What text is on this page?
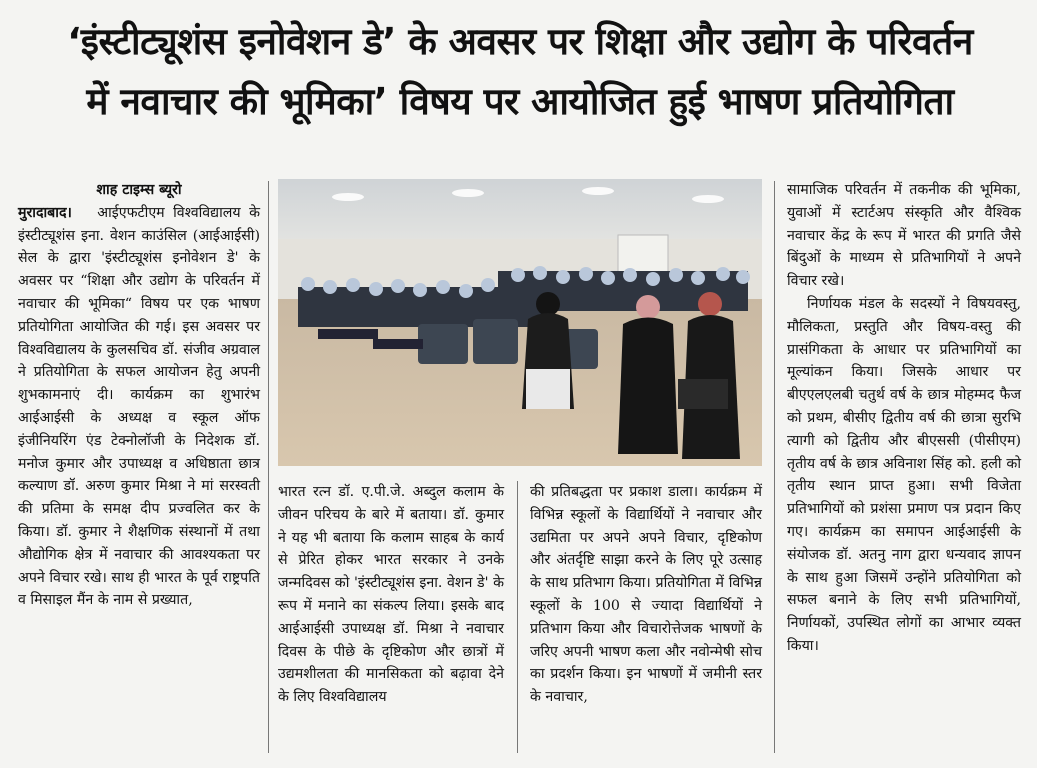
‘इंस्टीट्यूशंस इनोवेशन डे’ के अवसर पर शिक्षा और उद्योग के परिवर्तन
में नवाचार की भूमिका’ विषय पर आयोजित हुई भाषण प्रतियोगिता

शाह टाइम्स ब्यूरो

मुरादाबाद। आईएफटीएम विश्वविद्यालय के इंस्टीट्यूशंस इना. वेशन काउंसिल (आईआईसी) सेल के द्वारा 'इंस्टीट्यूशंस इनोवेशन डे' के अवसर पर “शिक्षा और उद्योग के परिवर्तन में नवाचार की भूमिका“ विषय पर एक भाषण प्रतियोगिता आयोजित की गई। इस अवसर पर विश्वविद्यालय के कुलसचिव डॉ. संजीव अग्रवाल ने प्रतियोगिता के सफल आयोजन हेतु अपनी शुभकामनाएं दी। कार्यक्रम का शुभारंभ आईआईसी के अध्यक्ष व स्कूल ऑफ इंजीनियरिंग एंड टेक्नोलॉजी के निदेशक डॉ. मनोज कुमार और उपाध्यक्ष व अधिष्ठाता छात्र कल्याण डॉ. अरुण कुमार मिश्रा ने मां सरस्वती की प्रतिमा के समक्ष दीप प्रज्वलित कर के किया। डॉ. कुमार ने शैक्षणिक संस्थानों में तथा औद्योगिक क्षेत्र में नवाचार की आवश्यकता पर अपने विचार रखे। साथ ही भारत के पूर्व राष्ट्रपति व मिसाइल मैंन के नाम से प्रख्यात,

भारत रत्न डॉ. ए.पी.जे. अब्दुल कलाम के जीवन परिचय के बारे में बताया। डॉ. कुमार ने यह भी बताया कि कलाम साहब के कार्य से प्रेरित होकर भारत सरकार ने उनके जन्मदिवस को 'इंस्टीट्यूशंस इना. वेशन डे' के रूप में मनाने का संकल्प लिया। इसके बाद आईआईसी उपाध्यक्ष डॉ. मिश्रा ने नवाचार दिवस के पीछे के दृष्टिकोण और छात्रों में उद्यमशीलता की मानसिकता को बढ़ावा देने के लिए विश्वविद्यालय

की प्रतिबद्धता पर प्रकाश डाला। कार्यक्रम में विभिन्न स्कूलों के विद्यार्थियों ने नवाचार और उद्यमिता पर अपने अपने विचार, दृष्टिकोण और अंतर्दृष्टि साझा करने के लिए पूरे उत्साह के साथ प्रतिभाग किया। प्रतियोगिता में विभिन्न स्कूलों के 100 से ज्यादा विद्यार्थियों ने प्रतिभाग किया और विचारोत्तेजक भाषणों के जरिए अपनी भाषण कला और नवोन्मेषी सोच का प्रदर्शन किया। इन भाषणों में जमीनी स्तर के नवाचार,

सामाजिक परिवर्तन में तकनीक की भूमिका, युवाओं में स्टार्टअप संस्कृति और वैश्विक नवाचार केंद्र के रूप में भारत की प्रगति जैसे बिंदुओं के माध्यम से प्रतिभागियों ने अपने विचार रखे।

निर्णायक मंडल के सदस्यों ने विषयवस्तु, मौलिकता, प्रस्तुति और विषय-वस्तु की प्रासंगिकता के आधार पर प्रतिभागियों का मूल्यांकन किया। जिसके आधार पर बीएएलएलबी चतुर्थ वर्ष के छात्र मोहम्मद फैज को प्रथम, बीसीए द्वितीय वर्ष की छात्रा सुरभि त्यागी को द्वितीय और बीएससी (पीसीएम) तृतीय वर्ष के छात्र अविनाश सिंह को. हली को तृतीय स्थान प्राप्त हुआ। सभी विजेता प्रतिभागियों को प्रशंसा प्रमाण पत्र प्रदान किए गए। कार्यक्रम का समापन आईआईसी के संयोजक डॉ. अतनु नाग द्वारा धन्यवाद ज्ञापन के साथ हुआ जिसमें उन्होंने प्रतियोगिता को सफल बनाने के लिए सभी प्रतिभागियों, निर्णायकों, उपस्थित लोगों का आभार व्यक्त किया।
